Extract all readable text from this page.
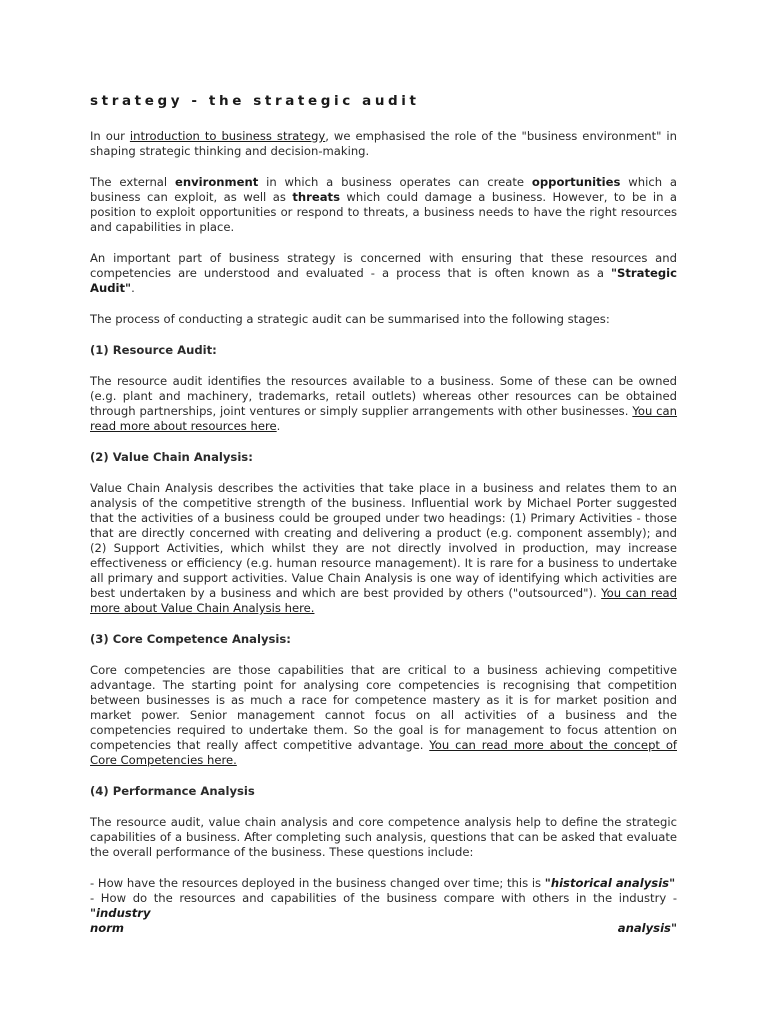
strategy - the strategic audit

In our introduction to business strategy, we emphasised the role of the "business environment" in shaping strategic thinking and decision-making.

The external environment in which a business operates can create opportunities which a business can exploit, as well as threats which could damage a business. However, to be in a position to exploit opportunities or respond to threats, a business needs to have the right resources and capabilities in place.

An important part of business strategy is concerned with ensuring that these resources and competencies are understood and evaluated - a process that is often known as a "Strategic Audit".

The process of conducting a strategic audit can be summarised into the following stages:

(1) Resource Audit:

The resource audit identifies the resources available to a business. Some of these can be owned (e.g. plant and machinery, trademarks, retail outlets) whereas other resources can be obtained through partnerships, joint ventures or simply supplier arrangements with other businesses. You can read more about resources here.

(2) Value Chain Analysis:

Value Chain Analysis describes the activities that take place in a business and relates them to an analysis of the competitive strength of the business. Influential work by Michael Porter suggested that the activities of a business could be grouped under two headings: (1) Primary Activities - those that are directly concerned with creating and delivering a product (e.g. component assembly); and (2) Support Activities, which whilst they are not directly involved in production, may increase effectiveness or efficiency (e.g. human resource management). It is rare for a business to undertake all primary and support activities. Value Chain Analysis is one way of identifying which activities are best undertaken by a business and which are best provided by others ("outsourced"). You can read more about Value Chain Analysis here.

(3) Core Competence Analysis:

Core competencies are those capabilities that are critical to a business achieving competitive advantage. The starting point for analysing core competencies is recognising that competition between businesses is as much a race for competence mastery as it is for market position and market power. Senior management cannot focus on all activities of a business and the competencies required to undertake them. So the goal is for management to focus attention on competencies that really affect competitive advantage. You can read more about the concept of Core Competencies here.

(4) Performance Analysis

The resource audit, value chain analysis and core competence analysis help to define the strategic capabilities of a business. After completing such analysis, questions that can be asked that evaluate the overall performance of the business. These questions include:

- How have the resources deployed in the business changed over time; this is "historical analysis"
- How do the resources and capabilities of the business compare with others in the industry - "industry
norm	analysis"
